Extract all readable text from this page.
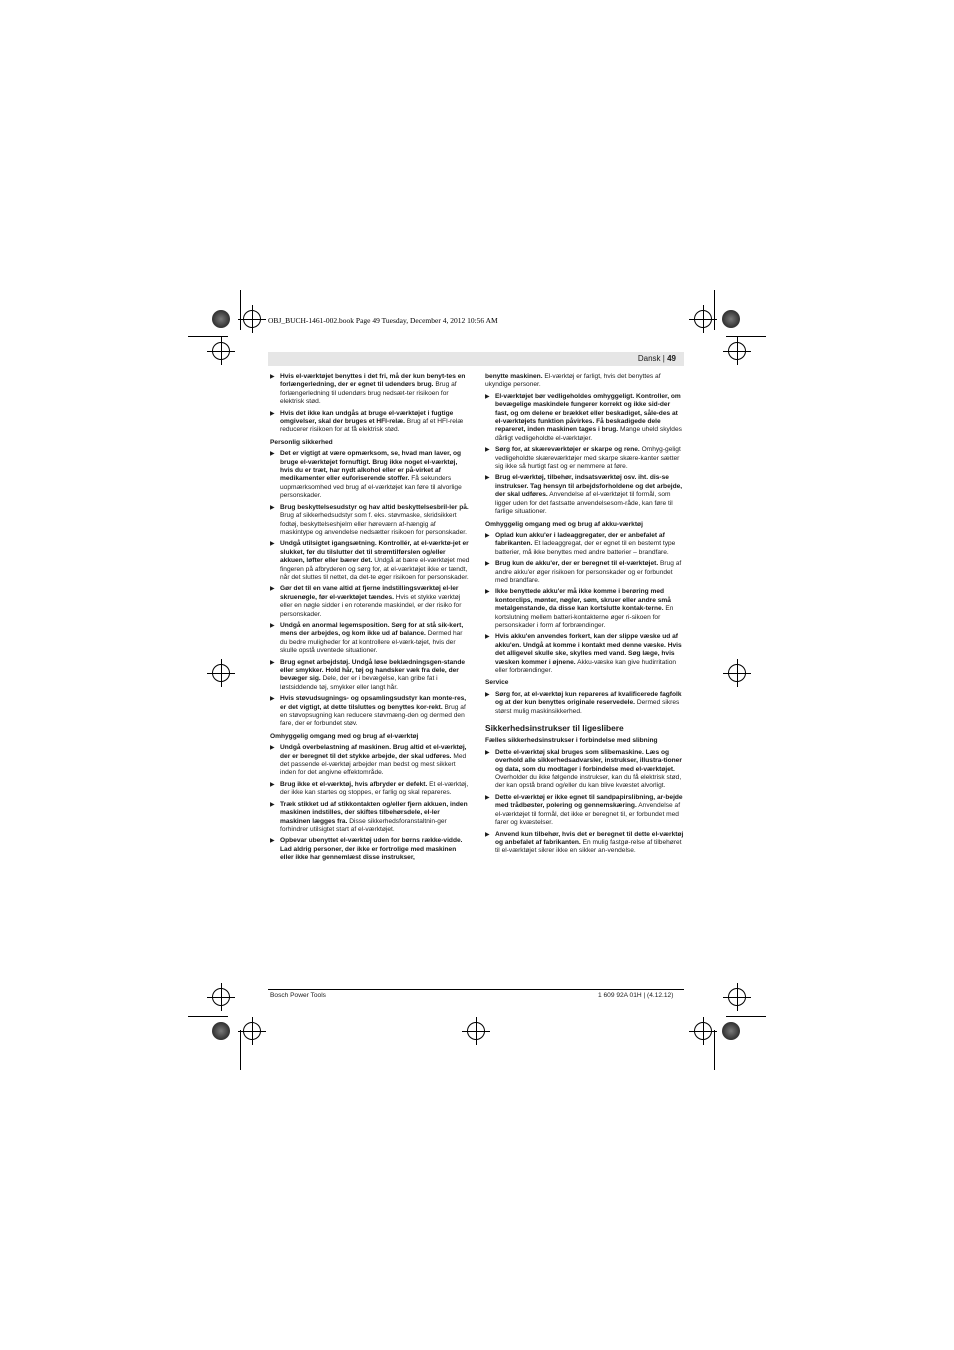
OBJ_BUCH-1461-002.book Page 49 Tuesday, December 4, 2012 10:56 AM
Dansk | 49
▶ Hvis el-værktøjet benyttes i det fri, må der kun benyt-tes en forlængerledning, der er egnet til udendørs brug. Brug af forlængerledning til udendørs brug nedsæt-ter risikoen for elektrisk stød.
▶ Hvis det ikke kan undgås at bruge el-værktøjet i fugtige omgivelser, skal der bruges et HFI-relæ. Brug af et HFI-relæ reducerer risikoen for at få elektrisk stød.
Personlig sikkerhed
▶ Det er vigtigt at være opmærksom, se, hvad man laver, og bruge el-værktøjet fornuftigt. Brug ikke noget el-værktøj, hvis du er træt, har nydt alkohol eller er på-virket af medikamenter eller euforiserende stoffer. Få sekunders uopmærksomhed ved brug af el-værktøjet kan føre til alvorlige personskader.
▶ Brug beskyttelsesudstyr og hav altid beskyttelsesbril-ler på. Brug af sikkerhedsudstyr som f. eks. støvmaske, skridsikkert fodtøj, beskyttelseshjelm eller høreværn af-hængig af maskintype og anvendelse nedsætter risikoen for personskader.
▶ Undgå utilsigtet igangsætning. Kontrollér, at el-værktø-jet er slukket, før du tilslutter det til strømtilførslen og/eller akkuen, løfter eller bærer det. Undgå at bære el-værktøjet med fingeren på afbryderen og sørg for, at el-værktøjet ikke er tændt, når det sluttes til nettet, da det-te øger risikoen for personskader.
▶ Gør det til en vane altid at fjerne indstillingsværktøj el-ler skruenøgle, før el-værktøjet tændes. Hvis et stykke værktøj eller en nøgle sidder i en roterende maskindel, er der risiko for personskader.
▶ Undgå en anormal legemsposition. Sørg for at stå sik-kert, mens der arbejdes, og kom ikke ud af balance. Dermed har du bedre muligheder for at kontrollere el-værk-tøjet, hvis der skulle opstå uventede situationer.
▶ Brug egnet arbejdstøj. Undgå løse beklædningsgen-stande eller smykker. Hold hår, tøj og handsker væk fra dele, der bevæger sig. Dele, der er i bevægelse, kan gribe fat i løstsiddende tøj, smykker eller langt hår.
▶ Hvis støvudsugnings- og opsamlingsudstyr kan monte-res, er det vigtigt, at dette tilsluttes og benyttes kor-rekt. Brug af en støvopsugning kan reducere støvmæng-den og dermed den fare, der er forbundet støv.
Omhyggelig omgang med og brug af el-værktøj
▶ Undgå overbelastning af maskinen. Brug altid et el-værktøj, der er beregnet til det stykke arbejde, der skal udføres. Med det passende el-værktøj arbejder man bedst og mest sikkert inden for det angivne effektområde.
▶ Brug ikke et el-værktøj, hvis afbryder er defekt. Et el-værktøj, der ikke kan startes og stoppes, er farlig og skal repareres.
▶ Træk stikket ud af stikkontakten og/eller fjern akkuen, inden maskinen indstilles, der skiftes tilbehørsdele, el-ler maskinen lægges fra. Disse sikkerhedsforanstaltnin-ger forhindrer utilsigtet start af el-værktøjet.
▶ Opbevar ubenyttet el-værktøj uden for børns række-vidde. Lad aldrig personer, der ikke er fortrolige med maskinen eller ikke har gennemlæst disse instrukser,
benytte maskinen. El-værktøj er farligt, hvis det benyttes af ukyndige personer.
▶ El-værktøjet bør vedligeholdes omhyggeligt. Kontroller, om bevægelige maskindele fungerer korrekt og ikke sid-der fast, og om delene er brækket eller beskadiget, såle-des at el-værktøjets funktion påvirkes. Få beskadigede dele repareret, inden maskinen tages i brug. Mange uheld skyldes dårligt vedligeholdte el-værktøjer.
▶ Sørg for, at skæreværktøjer er skarpe og rene. Omhyg-geligt vedligeholdte skæreværktøjer med skarpe skære-kanter sætter sig ikke så hurtigt fast og er nemmere at føre.
▶ Brug el-værktøj, tilbehør, indsatsværktøj osv. iht. dis-se instrukser. Tag hensyn til arbejdsforholdene og det arbejde, der skal udføres. Anvendelse af el-værktøjet til formål, som ligger uden for det fastsatte anvendelsesom-råde, kan føre til farlige situationer.
Omhyggelig omgang med og brug af akku-værktøj
▶ Oplad kun akku'er i ladeaggregater, der er anbefalet af fabrikanten. Et ladeaggregat, der er egnet til en bestemt type batterier, må ikke benyttes med andre batterier – brandfare.
▶ Brug kun de akku'er, der er beregnet til el-værktøjet. Brug af andre akku'er øger risikoen for personskader og er forbundet med brandfare.
▶ Ikke benyttede akku'er må ikke komme i berøring med kontorclips, mønter, nøgler, søm, skruer eller andre små metalgenstande, da disse kan kortslutte kontak-terne. En kortslutning mellem batteri-kontakterne øger ri-sikoen for personskader i form af forbrændinger.
▶ Hvis akku'en anvendes forkert, kan der slippe væske ud af akku'en. Undgå at komme i kontakt med denne væske. Hvis det alligevel skulle ske, skylles med vand. Søg læge, hvis væsken kommer i øjnene. Akku-væske kan give hudirritation eller forbrændinger.
Service
▶ Sørg for, at el-værktøj kun repareres af kvalificerede fagfolk og at der kun benyttes originale reservedele. Dermed sikres størst mulig maskinsikkerhed.
Sikkerhedsinstrukser til ligeslibere
Fælles sikkerhedsinstrukser i forbindelse med slibning
▶ Dette el-værktøj skal bruges som slibemaskine. Læs og overhold alle sikkerhedsadvarsler, instrukser, illustra-tioner og data, som du modtager i forbindelse med el-værktøjet. Overholder du ikke følgende instrukser, kan du få elektrisk stød, der kan opstå brand og/eller du kan blive kvæstet alvorligt.
▶ Dette el-værktøj er ikke egnet til sandpapirslibning, ar-bejde med trådbøster, polering og gennemskæring. Anvendelse af el-værktøjet til formål, det ikke er beregnet til, er forbundet med farer og kvæstelser.
▶ Anvend kun tilbehør, hvis det er beregnet til dette el-værktøj og anbefalet af fabrikanten. En mulig fastgø-relse af tilbehøret til el-værktøjet sikrer ikke en sikker an-vendelse.
Bosch Power Tools	1 609 92A 01H | (4.12.12)
